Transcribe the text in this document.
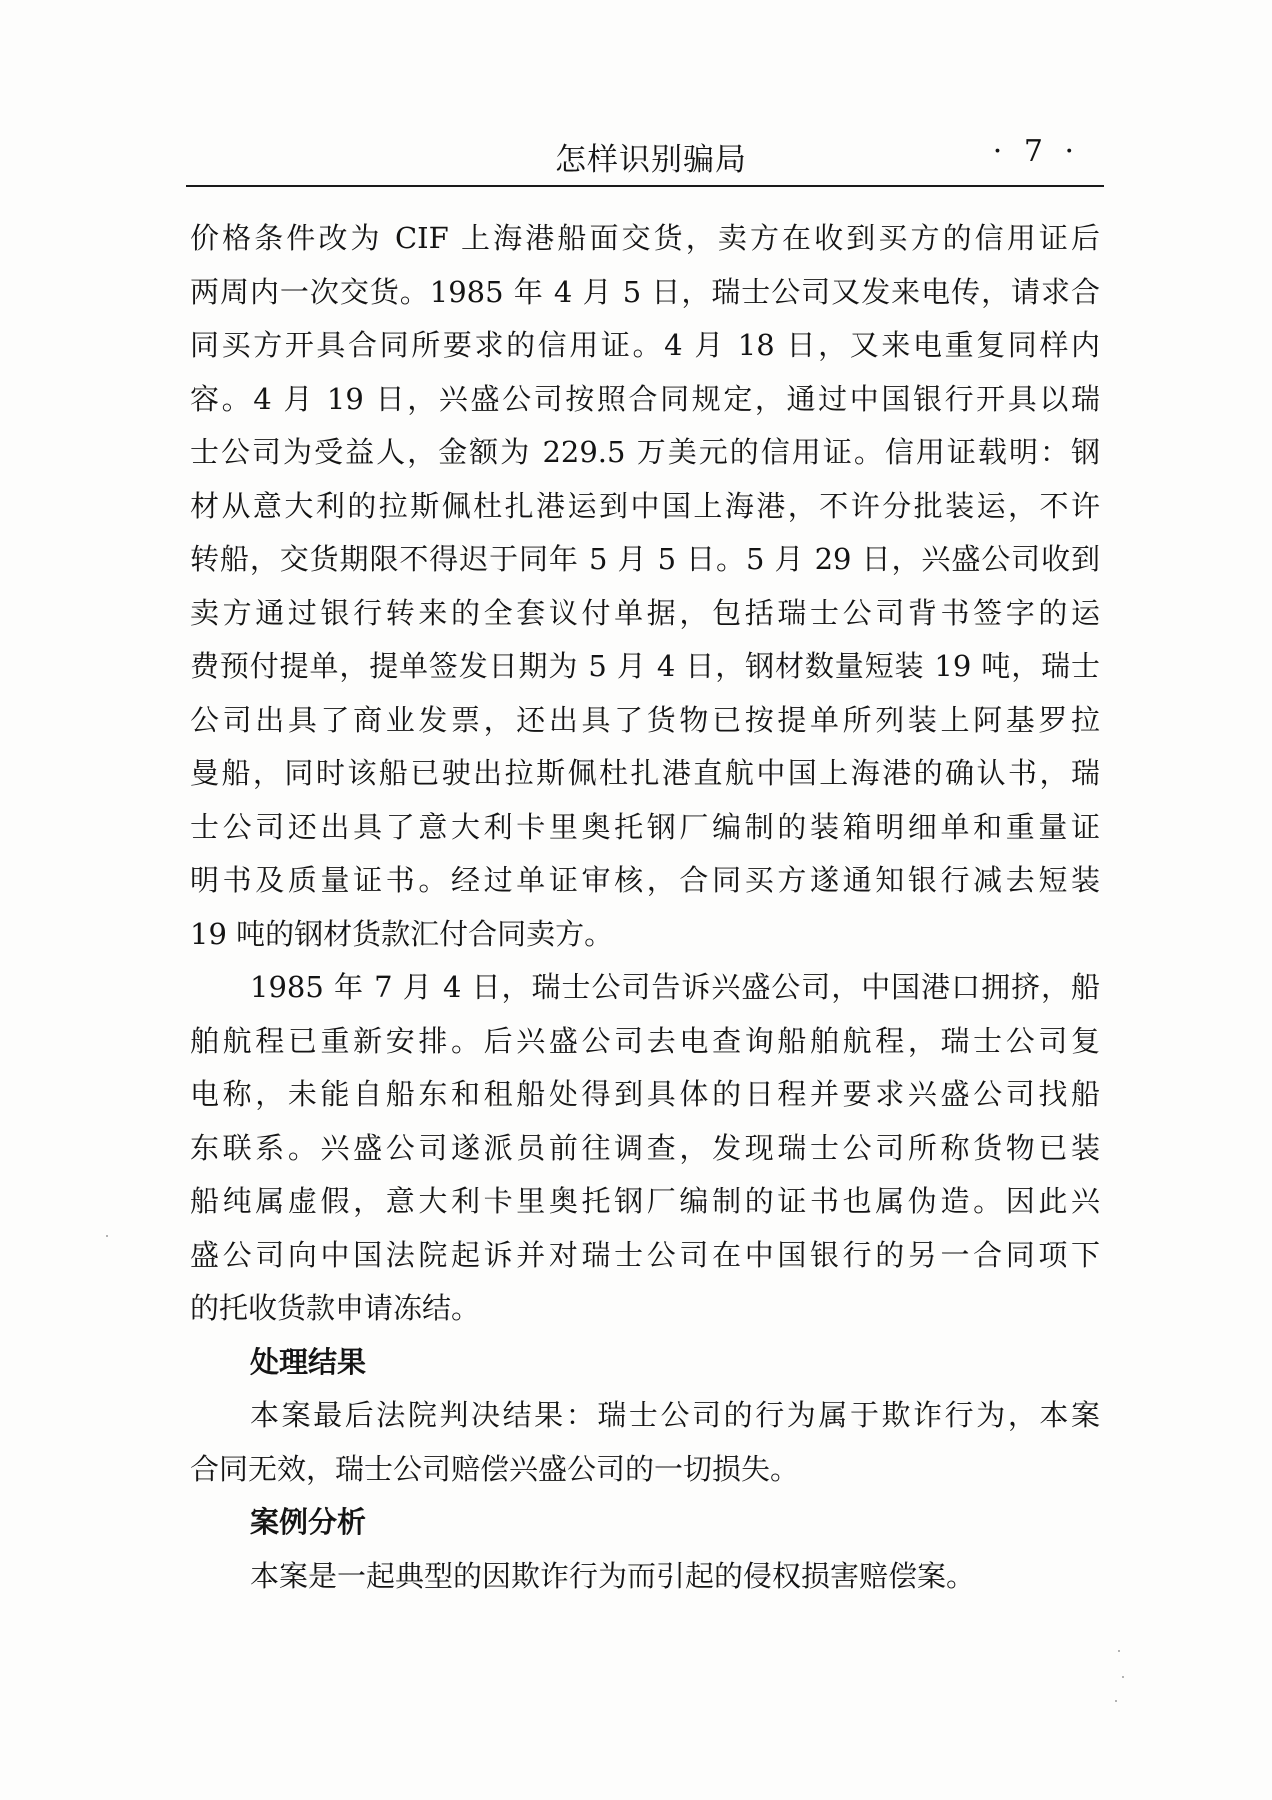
怎样识别骗局	· 7 ·
价格条件改为 CIF 上海港船面交货，卖方在收到买方的信用证后
两周内一次交货。1985 年 4 月 5 日，瑞士公司又发来电传，请求合
同买方开具合同所要求的信用证。4 月 18 日，又来电重复同样内
容。4 月 19 日，兴盛公司按照合同规定，通过中国银行开具以瑞
士公司为受益人，金额为 229.5 万美元的信用证。信用证载明：钢
材从意大利的拉斯佩杜扎港运到中国上海港，不许分批装运，不许
转船，交货期限不得迟于同年 5 月 5 日。5 月 29 日，兴盛公司收到
卖方通过银行转来的全套议付单据，包括瑞士公司背书签字的运
费预付提单，提单签发日期为 5 月 4 日，钢材数量短装 19 吨，瑞士
公司出具了商业发票，还出具了货物已按提单所列装上阿基罗拉
曼船，同时该船已驶出拉斯佩杜扎港直航中国上海港的确认书，瑞
士公司还出具了意大利卡里奥托钢厂编制的装箱明细单和重量证
明书及质量证书。经过单证审核，合同买方遂通知银行减去短装
19 吨的钢材货款汇付合同卖方。
1985 年 7 月 4 日，瑞士公司告诉兴盛公司，中国港口拥挤，船
舶航程已重新安排。后兴盛公司去电查询船舶航程，瑞士公司复
电称，未能自船东和租船处得到具体的日程并要求兴盛公司找船
东联系。兴盛公司遂派员前往调查，发现瑞士公司所称货物已装
船纯属虚假，意大利卡里奥托钢厂编制的证书也属伪造。因此兴
盛公司向中国法院起诉并对瑞士公司在中国银行的另一合同项下
的托收货款申请冻结。
处理结果
本案最后法院判决结果：瑞士公司的行为属于欺诈行为，本案
合同无效，瑞士公司赔偿兴盛公司的一切损失。
案例分析
本案是一起典型的因欺诈行为而引起的侵权损害赔偿案。
